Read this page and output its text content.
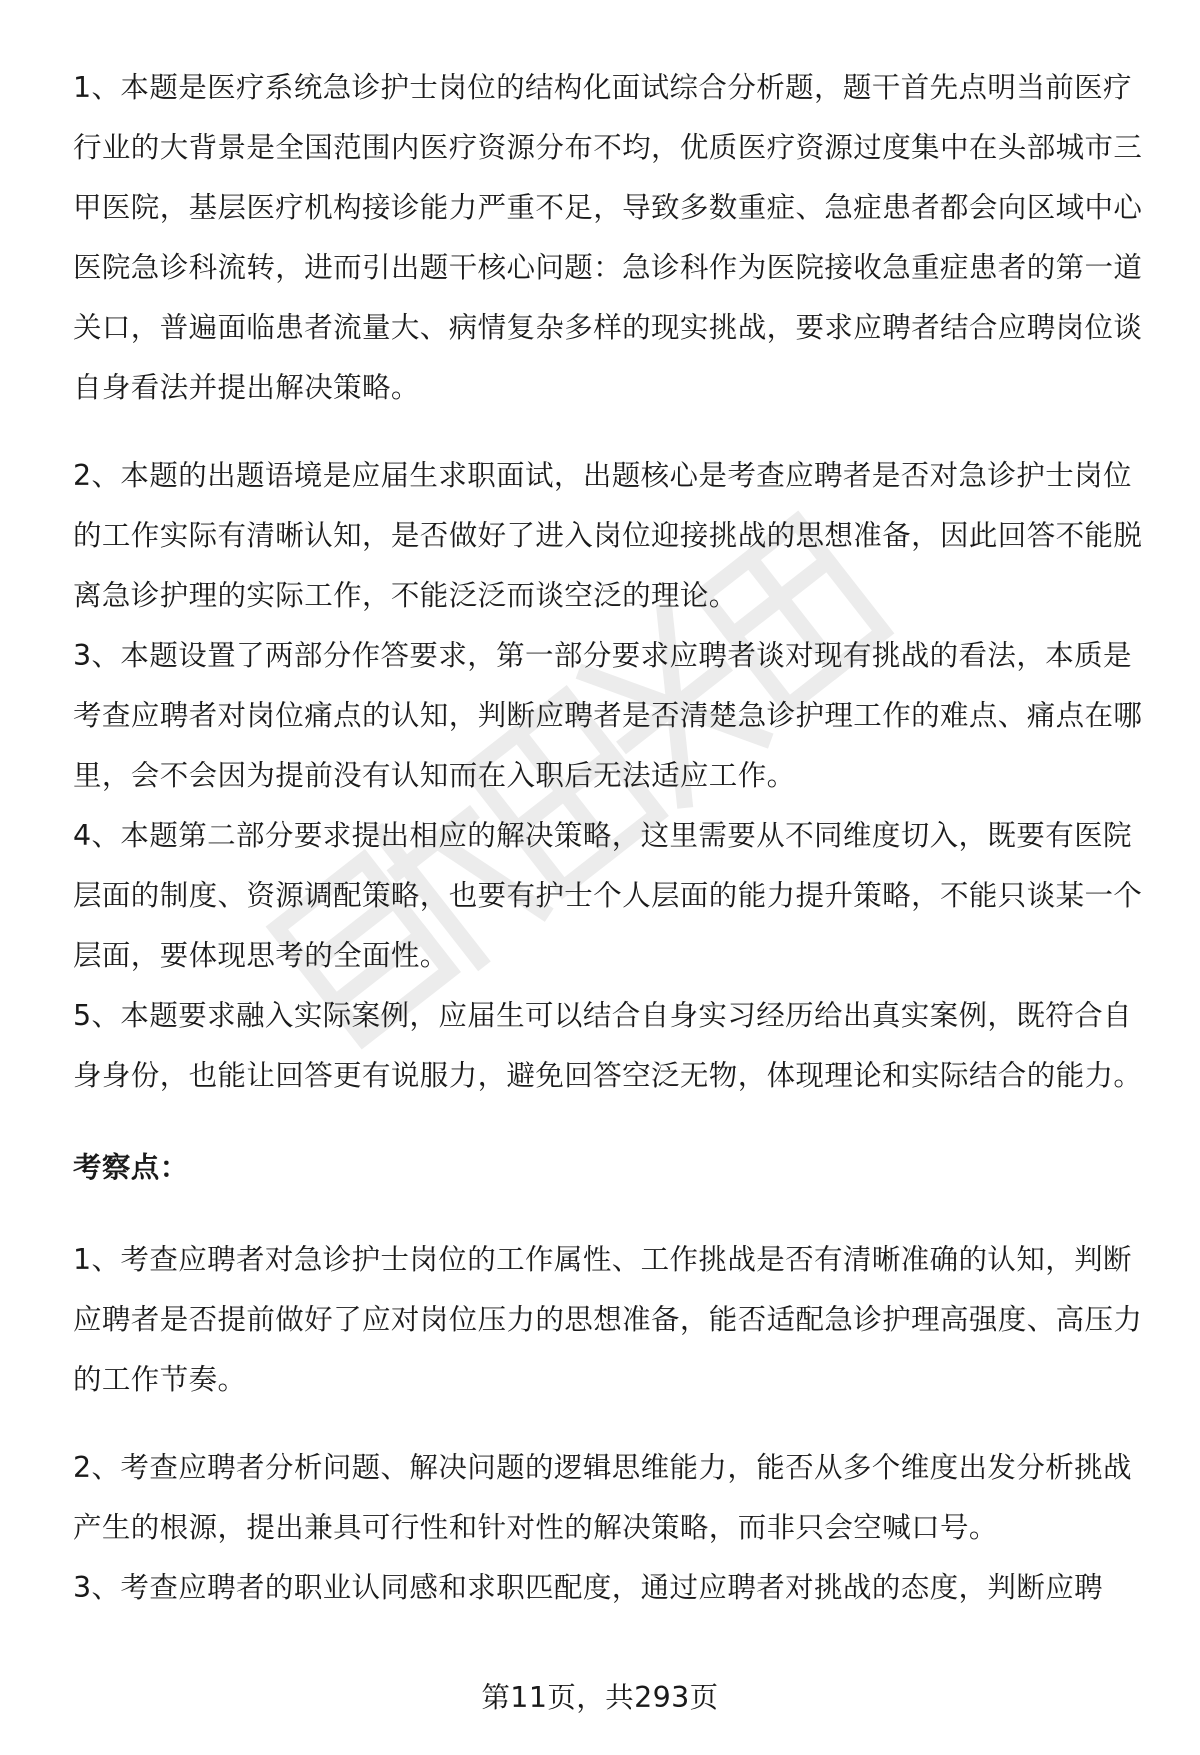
1、本题是医疗系统急诊护士岗位的结构化面试综合分析题，题干首先点明当前医疗行业的大背景是全国范围内医疗资源分布不均，优质医疗资源过度集中在头部城市三甲医院，基层医疗机构接诊能力严重不足，导致多数重症、急症患者都会向区域中心医院急诊科流转，进而引出题干核心问题：急诊科作为医院接收急重症患者的第一道关口，普遍面临患者流量大、病情复杂多样的现实挑战，要求应聘者结合应聘岗位谈自身看法并提出解决策略。

2、本题的出题语境是应届生求职面试，出题核心是考查应聘者是否对急诊护士岗位的工作实际有清晰认知，是否做好了进入岗位迎接挑战的思想准备，因此回答不能脱离急诊护理的实际工作，不能泛泛而谈空泛的理论。

3、本题设置了两部分作答要求，第一部分要求应聘者谈对现有挑战的看法，本质是考查应聘者对岗位痛点的认知，判断应聘者是否清楚急诊护理工作的难点、痛点在哪里，会不会因为提前没有认知而在入职后无法适应工作。

4、本题第二部分要求提出相应的解决策略，这里需要从不同维度切入，既要有医院层面的制度、资源调配策略，也要有护士个人层面的能力提升策略，不能只谈某一个层面，要体现思考的全面性。

5、本题要求融入实际案例，应届生可以结合自身实习经历给出真实案例，既符合自身身份，也能让回答更有说服力，避免回答空泛无物，体现理论和实际结合的能力。

考察点：

1、考查应聘者对急诊护士岗位的工作属性、工作挑战是否有清晰准确的认知，判断应聘者是否提前做好了应对岗位压力的思想准备，能否适配急诊护理高强度、高压力的工作节奏。

2、考查应聘者分析问题、解决问题的逻辑思维能力，能否从多个维度出发分析挑战产生的根源，提出兼具可行性和针对性的解决策略，而非只会空喊口号。

3、考查应聘者的职业认同感和求职匹配度，通过应聘者对挑战的态度，判断应聘

第11页，共293页
